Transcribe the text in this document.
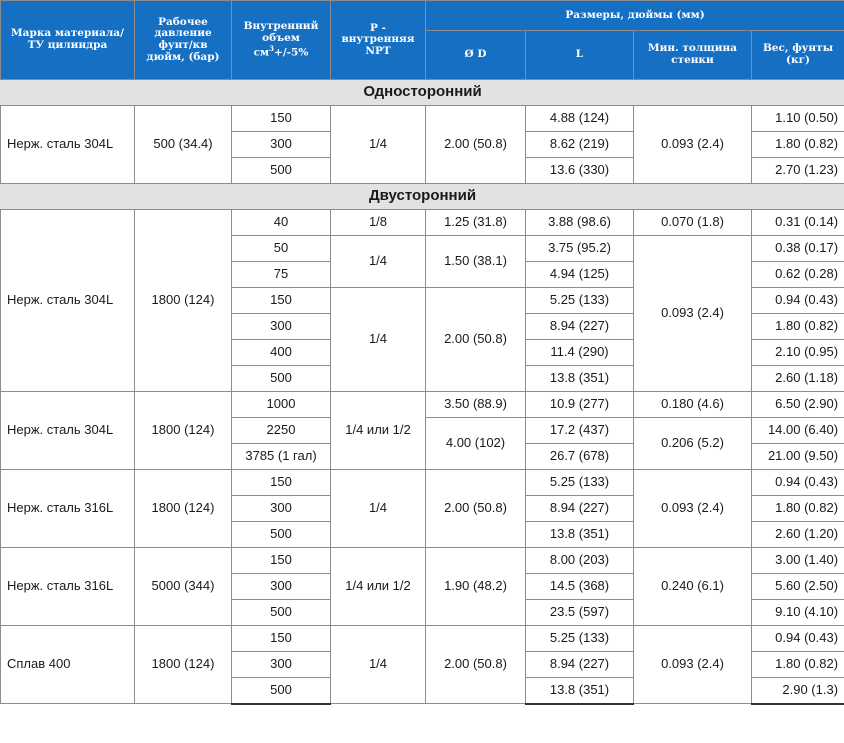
Марка материала/ ТУ цилиндра	Рабочее давление фунт/кв дюйм, (бар)	Внутренний объем $см^3+/-5\%$	P - внутренняя NPT	Размеры, дюймы (мм)			
				Ø D	L	Мин. толщина стенки	Вес, фунты (кг)
Односторонний							
Нерж. сталь 304L	500 (34.4)	150	1/4	2.00 (50.8)	4.88 (124)	0.093 (2.4)	1.10 (0.50)
		300			8.62 (219)		1.80 (0.82)
		500			13.6 (330)		2.70 (1.23)
Двусторонний							
Нерж. сталь 304L	1800 (124)	40	1/8	1.25 (31.8)	3.88 (98.6)	0.070 (1.8)	0.31 (0.14)
		50	1/4	1.50 (38.1)	3.75 (95.2)	0.093 (2.4)	0.38 (0.17)
		75			4.94 (125)		0.62 (0.28)
		150	1/4	2.00 (50.8)	5.25 (133)		0.94 (0.43)
		300			8.94 (227)		1.80 (0.82)
		400			11.4 (290)		2.10 (0.95)
		500			13.8 (351)		2.60 (1.18)
Нерж. сталь 304L	1800 (124)	1000	1/4 или 1/2	3.50 (88.9)	10.9 (277)	0.180 (4.6)	6.50 (2.90)
		2250		4.00 (102)	17.2 (437)	0.206 (5.2)	14.00 (6.40)
		3785 (1 гал)			26.7 (678)		21.00 (9.50)
Нерж. сталь 316L	1800 (124)	150	1/4	2.00 (50.8)	5.25 (133)	0.093 (2.4)	0.94 (0.43)
		300			8.94 (227)		1.80 (0.82)
		500			13.8 (351)		2.60 (1.20)
Нерж. сталь 316L	5000 (344)	150	1/4 или 1/2	1.90 (48.2)	8.00 (203)	0.240 (6.1)	3.00 (1.40)
		300			14.5 (368)		5.60 (2.50)
		500			23.5 (597)		9.10 (4.10)
Сплав 400	1800 (124)	150	1/4	2.00 (50.8)	5.25 (133)	0.093 (2.4)	0.94 (0.43)
		300			8.94 (227)		1.80 (0.82)
		500			13.8 (351)		2.90 (1.3)
